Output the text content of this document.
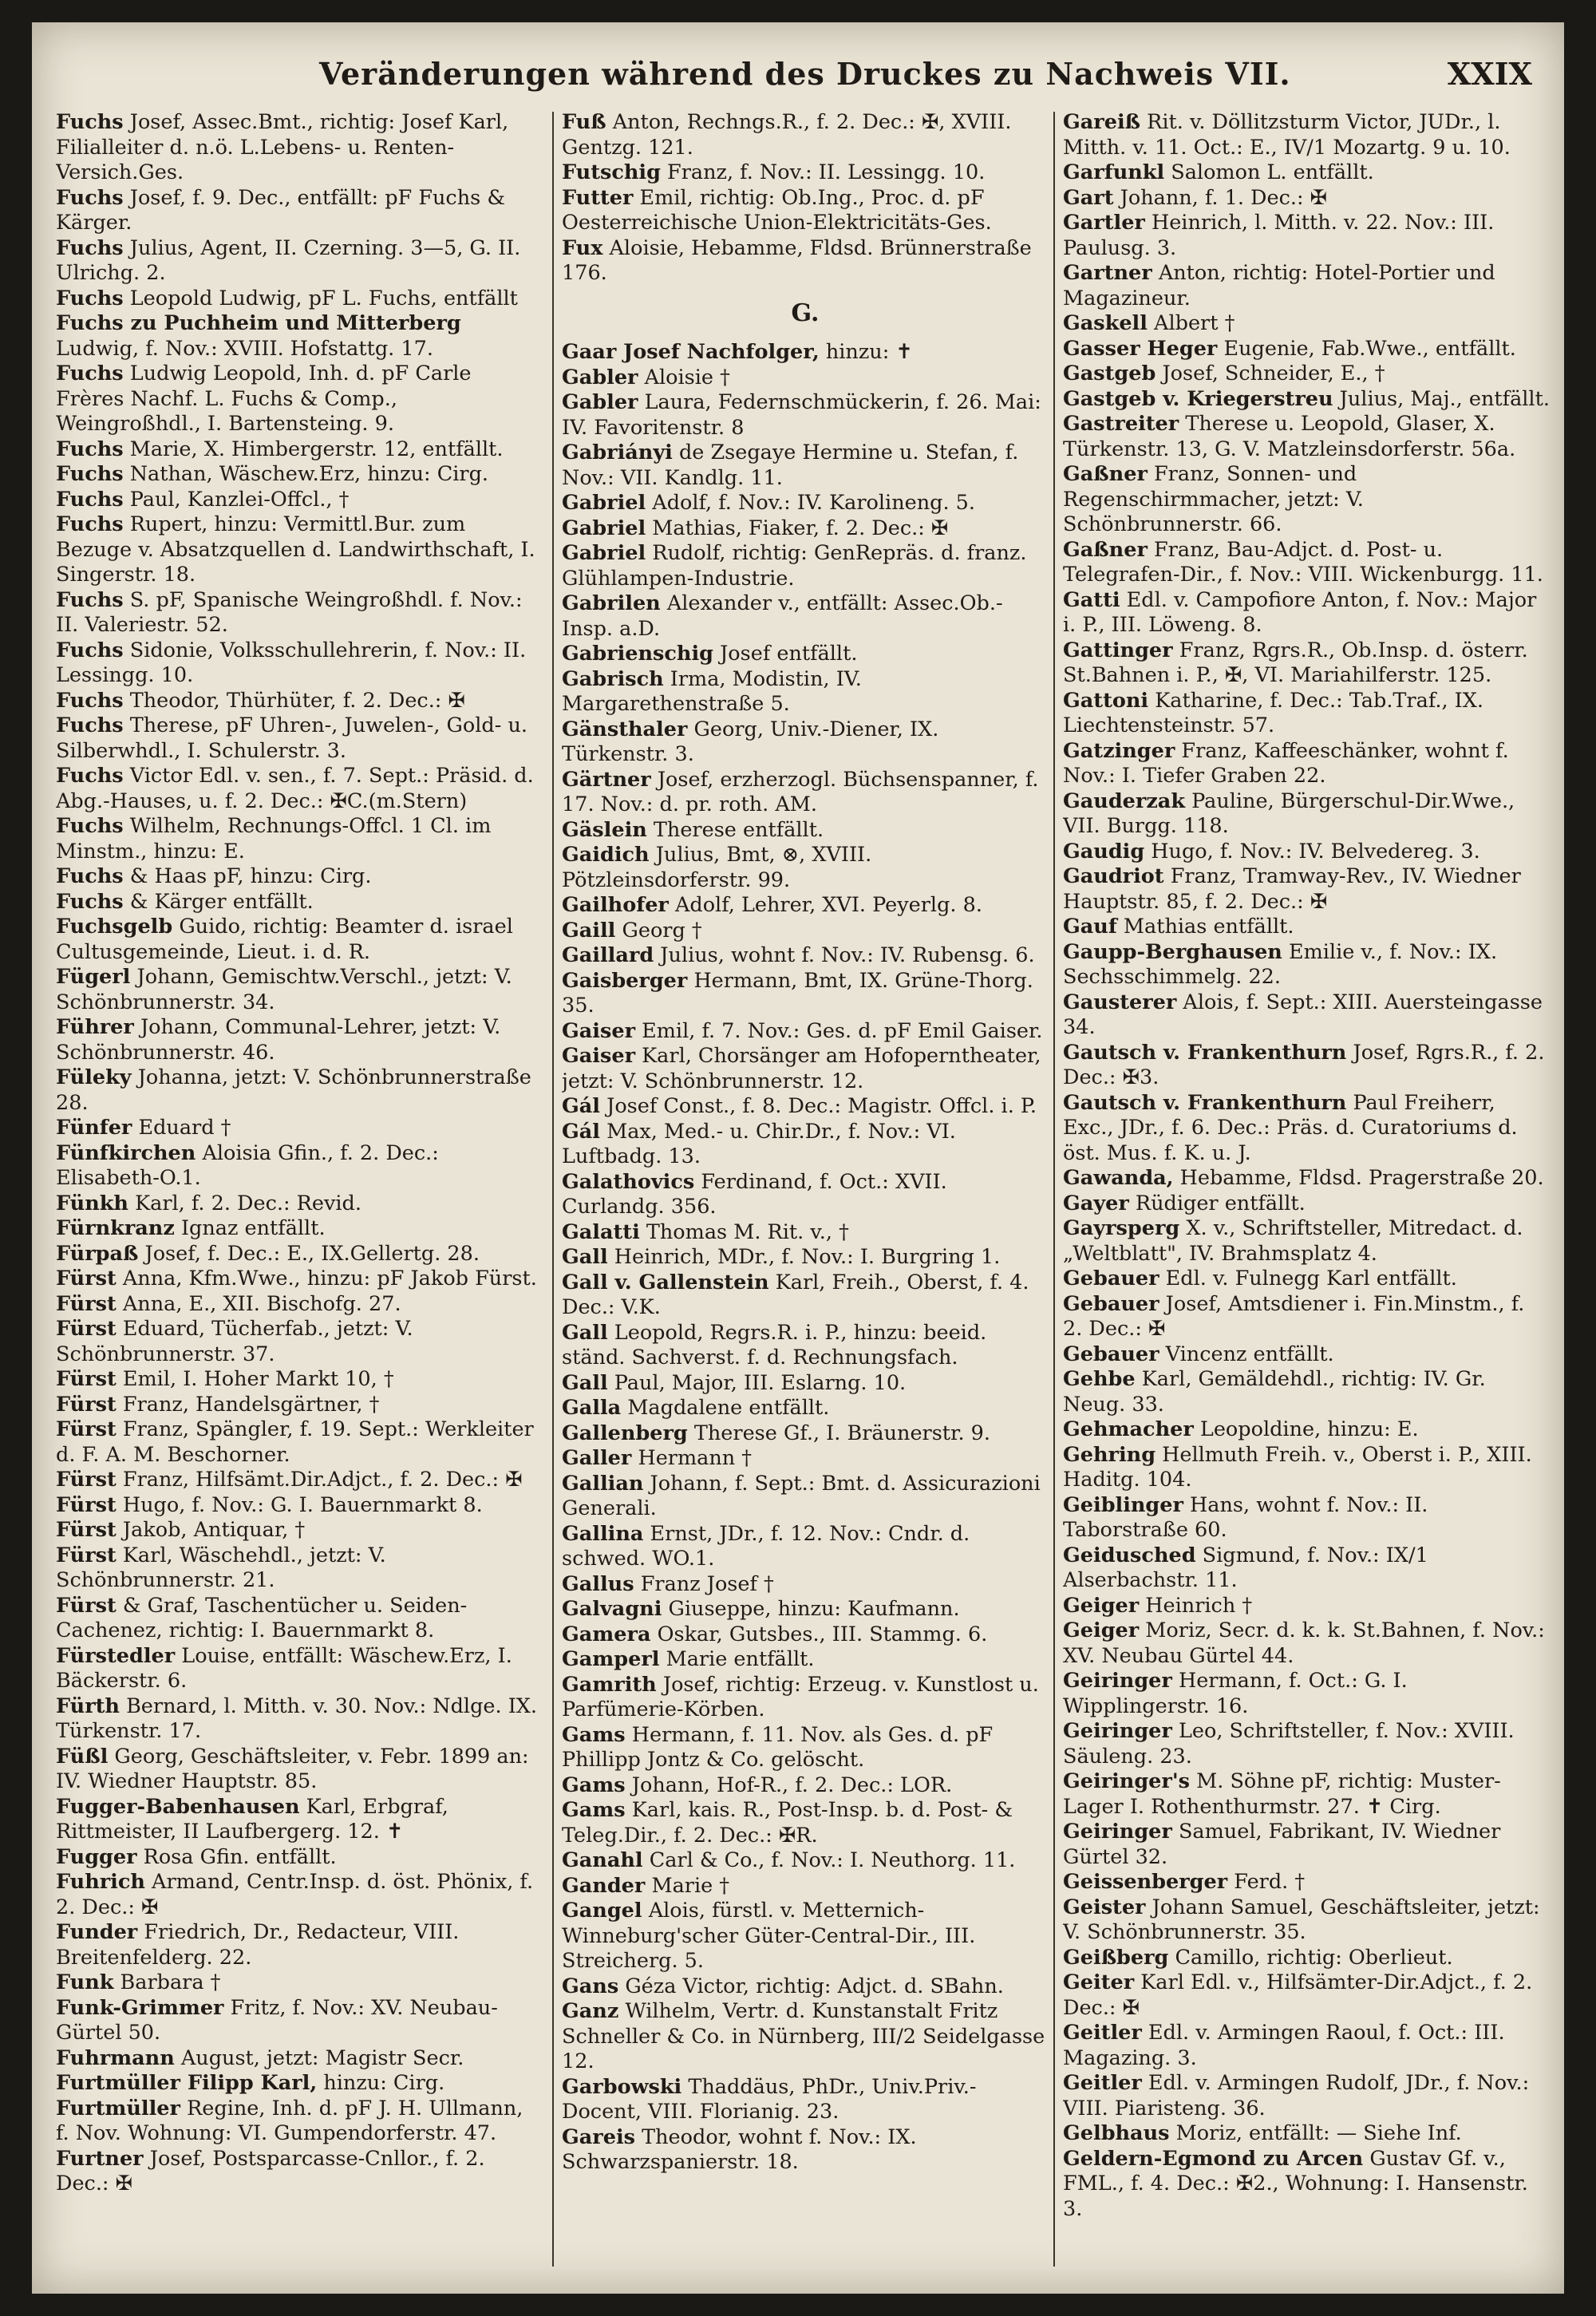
Veränderungen während des Druckes zu Nachweis VII.	XXIX

Fuchs Josef, Assec.Bmt., richtig: Josef Karl, Filialleiter d. n.ö. L.Lebens- u. Renten-Versich.Ges.

Fuchs Josef, f. 9. Dec., entfällt: pF Fuchs & Kärger.

Fuchs Julius, Agent, II. Czerning. 3—5, G. II. Ulrichg. 2.

Fuchs Leopold Ludwig, pF L. Fuchs, entfällt

Fuchs zu Puchheim und Mitterberg Ludwig, f. Nov.: XVIII. Hofstattg. 17.

Fuchs Ludwig Leopold, Inh. d. pF Carle Frères Nachf. L. Fuchs & Comp., Weingroßhdl., I. Bartensteing. 9.

Fuchs Marie, X. Himbergerstr. 12, entfällt.

Fuchs Nathan, Wäschew.Erz, hinzu: Cirg.

Fuchs Paul, Kanzlei-Offcl., †

Fuchs Rupert, hinzu: Vermittl.Bur. zum Bezuge v. Absatzquellen d. Landwirthschaft, I. Singerstr. 18.

Fuchs S. pF, Spanische Weingroßhdl. f. Nov.: II. Valeriestr. 52.

Fuchs Sidonie, Volksschullehrerin, f. Nov.: II. Lessingg. 10.

Fuchs Theodor, Thürhüter, f. 2. Dec.: ✠

Fuchs Therese, pF Uhren-, Juwelen-, Gold- u. Silberwhdl., I. Schulerstr. 3.

Fuchs Victor Edl. v. sen., f. 7. Sept.: Präsid. d. Abg.-Hauses, u. f. 2. Dec.: ✠C.(m.Stern)

Fuchs Wilhelm, Rechnungs-Offcl. 1 Cl. im Minstm., hinzu: E.

Fuchs & Haas pF, hinzu: Cirg.

Fuchs & Kärger entfällt.

Fuchsgelb Guido, richtig: Beamter d. israel Cultusgemeinde, Lieut. i. d. R.

Fügerl Johann, Gemischtw.Verschl., jetzt: V. Schönbrunnerstr. 34.

Führer Johann, Communal-Lehrer, jetzt: V. Schönbrunnerstr. 46.

Füleky Johanna, jetzt: V. Schönbrunnerstraße 28.

Fünfer Eduard †

Fünfkirchen Aloisia Gfin., f. 2. Dec.: Elisabeth-O.1.

Fünkh Karl, f. 2. Dec.: Revid.

Fürnkranz Ignaz entfällt.

Fürpaß Josef, f. Dec.: E., IX.Gellertg. 28.

Fürst Anna, Kfm.Wwe., hinzu: pF Jakob Fürst.

Fürst Anna, E., XII. Bischofg. 27.

Fürst Eduard, Tücherfab., jetzt: V. Schönbrunnerstr. 37.

Fürst Emil, I. Hoher Markt 10, †

Fürst Franz, Handelsgärtner, †

Fürst Franz, Spängler, f. 19. Sept.: Werkleiter d. F. A. M. Beschorner.

Fürst Franz, Hilfsämt.Dir.Adjct., f. 2. Dec.: ✠

Fürst Hugo, f. Nov.: G. I. Bauernmarkt 8.

Fürst Jakob, Antiquar, †

Fürst Karl, Wäschehdl., jetzt: V. Schönbrunnerstr. 21.

Fürst & Graf, Taschentücher u. Seiden-Cachenez, richtig: I. Bauernmarkt 8.

Fürstedler Louise, entfällt: Wäschew.Erz, I. Bäckerstr. 6.

Fürth Bernard, l. Mitth. v. 30. Nov.: Ndlge. IX. Türkenstr. 17.

Füßl Georg, Geschäftsleiter, v. Febr. 1899 an: IV. Wiedner Hauptstr. 85.

Fugger-Babenhausen Karl, Erbgraf, Rittmeister, II Laufbergerg. 12. ✝

Fugger Rosa Gfin. entfällt.

Fuhrich Armand, Centr.Insp. d. öst. Phönix, f. 2. Dec.: ✠

Funder Friedrich, Dr., Redacteur, VIII. Breitenfelderg. 22.

Funk Barbara †

Funk-Grimmer Fritz, f. Nov.: XV. Neubau-Gürtel 50.

Fuhrmann August, jetzt: Magistr Secr.

Furtmüller Filipp Karl, hinzu: Cirg.

Furtmüller Regine, Inh. d. pF J. H. Ullmann, f. Nov. Wohnung: VI. Gumpendorferstr. 47.

Furtner Josef, Postsparcasse-Cnllor., f. 2. Dec.: ✠

Fuß Anton, Rechngs.R., f. 2. Dec.: ✠, XVIII. Gentzg. 121.

Futschig Franz, f. Nov.: II. Lessingg. 10.

Futter Emil, richtig: Ob.Ing., Proc. d. pF Oesterreichische Union-Elektricitäts-Ges.

Fux Aloisie, Hebamme, Fldsd. Brünnerstraße 176.

G.

Gaar Josef Nachfolger, hinzu: ✝

Gabler Aloisie †

Gabler Laura, Federnschmückerin, f. 26. Mai: IV. Favoritenstr. 8

Gabriányi de Zsegaye Hermine u. Stefan, f. Nov.: VII. Kandlg. 11.

Gabriel Adolf, f. Nov.: IV. Karolineng. 5.

Gabriel Mathias, Fiaker, f. 2. Dec.: ✠

Gabriel Rudolf, richtig: GenRepräs. d. franz. Glühlampen-Industrie.

Gabrilen Alexander v., entfällt: Assec.Ob.-Insp. a.D.

Gabrienschig Josef entfällt.

Gabrisch Irma, Modistin, IV. Margarethenstraße 5.

Gänsthaler Georg, Univ.-Diener, IX. Türkenstr. 3.

Gärtner Josef, erzherzogl. Büchsenspanner, f. 17. Nov.: d. pr. roth. AM.

Gäslein Therese entfällt.

Gaidich Julius, Bmt, ⊗, XVIII. Pötzleinsdorferstr. 99.

Gailhofer Adolf, Lehrer, XVI. Peyerlg. 8.

Gaill Georg †

Gaillard Julius, wohnt f. Nov.: IV. Rubensg. 6.

Gaisberger Hermann, Bmt, IX. Grüne-Thorg. 35.

Gaiser Emil, f. 7. Nov.: Ges. d. pF Emil Gaiser.

Gaiser Karl, Chorsänger am Hofoperntheater, jetzt: V. Schönbrunnerstr. 12.

Gál Josef Const., f. 8. Dec.: Magistr. Offcl. i. P.

Gál Max, Med.- u. Chir.Dr., f. Nov.: VI. Luftbadg. 13.

Galathovics Ferdinand, f. Oct.: XVII. Curlandg. 356.

Galatti Thomas M. Rit. v., †

Gall Heinrich, MDr., f. Nov.: I. Burgring 1.

Gall v. Gallenstein Karl, Freih., Oberst, f. 4. Dec.: V.K.

Gall Leopold, Regrs.R. i. P., hinzu: beeid. ständ. Sachverst. f. d. Rechnungsfach.

Gall Paul, Major, III. Eslarng. 10.

Galla Magdalene entfällt.

Gallenberg Therese Gf., I. Bräunerstr. 9.

Galler Hermann †

Gallian Johann, f. Sept.: Bmt. d. Assicurazioni Generali.

Gallina Ernst, JDr., f. 12. Nov.: Cndr. d. schwed. WO.1.

Gallus Franz Josef †

Galvagni Giuseppe, hinzu: Kaufmann.

Gamera Oskar, Gutsbes., III. Stammg. 6.

Gamperl Marie entfällt.

Gamrith Josef, richtig: Erzeug. v. Kunstlost u. Parfümerie-Körben.

Gams Hermann, f. 11. Nov. als Ges. d. pF Phillipp Jontz & Co. gelöscht.

Gams Johann, Hof-R., f. 2. Dec.: LOR.

Gams Karl, kais. R., Post-Insp. b. d. Post- & Teleg.Dir., f. 2. Dec.: ✠R.

Ganahl Carl & Co., f. Nov.: I. Neuthorg. 11.

Gander Marie †

Gangel Alois, fürstl. v. Metternich-Winneburg'scher Güter-Central-Dir., III. Streicherg. 5.

Gans Géza Victor, richtig: Adjct. d. SBahn.

Ganz Wilhelm, Vertr. d. Kunstanstalt Fritz Schneller & Co. in Nürnberg, III/2 Seidelgasse 12.

Garbowski Thaddäus, PhDr., Univ.Priv.-Docent, VIII. Florianig. 23.

Gareis Theodor, wohnt f. Nov.: IX. Schwarzspanierstr. 18.

Gareiß Rit. v. Döllitzsturm Victor, JUDr., l. Mitth. v. 11. Oct.: E., IV/1 Mozartg. 9 u. 10.

Garfunkl Salomon L. entfällt.

Gart Johann, f. 1. Dec.: ✠

Gartler Heinrich, l. Mitth. v. 22. Nov.: III. Paulusg. 3.

Gartner Anton, richtig: Hotel-Portier und Magazineur.

Gaskell Albert †

Gasser Heger Eugenie, Fab.Wwe., entfällt.

Gastgeb Josef, Schneider, E., †

Gastgeb v. Kriegerstreu Julius, Maj., entfällt.

Gastreiter Therese u. Leopold, Glaser, X. Türkenstr. 13, G. V. Matzleinsdorferstr. 56a.

Gaßner Franz, Sonnen- und Regenschirmmacher, jetzt: V. Schönbrunnerstr. 66.

Gaßner Franz, Bau-Adjct. d. Post- u. Telegrafen-Dir., f. Nov.: VIII. Wickenburgg. 11.

Gatti Edl. v. Campofiore Anton, f. Nov.: Major i. P., III. Löweng. 8.

Gattinger Franz, Rgrs.R., Ob.Insp. d. österr. St.Bahnen i. P., ✠, VI. Mariahilferstr. 125.

Gattoni Katharine, f. Dec.: Tab.Traf., IX. Liechtensteinstr. 57.

Gatzinger Franz, Kaffeeschänker, wohnt f. Nov.: I. Tiefer Graben 22.

Gauderzak Pauline, Bürgerschul-Dir.Wwe., VII. Burgg. 118.

Gaudig Hugo, f. Nov.: IV. Belvedereg. 3.

Gaudriot Franz, Tramway-Rev., IV. Wiedner Hauptstr. 85, f. 2. Dec.: ✠

Gauf Mathias entfällt.

Gaupp-Berghausen Emilie v., f. Nov.: IX. Sechsschimmelg. 22.

Gausterer Alois, f. Sept.: XIII. Auersteingasse 34.

Gautsch v. Frankenthurn Josef, Rgrs.R., f. 2. Dec.: ✠3.

Gautsch v. Frankenthurn Paul Freiherr, Exc., JDr., f. 6. Dec.: Präs. d. Curatoriums d. öst. Mus. f. K. u. J.

Gawanda, Hebamme, Fldsd. Pragerstraße 20.

Gayer Rüdiger entfällt.

Gayrsperg X. v., Schriftsteller, Mitredact. d. „Weltblatt", IV. Brahmsplatz 4.

Gebauer Edl. v. Fulnegg Karl entfällt.

Gebauer Josef, Amtsdiener i. Fin.Minstm., f. 2. Dec.: ✠

Gebauer Vincenz entfällt.

Gehbe Karl, Gemäldehdl., richtig: IV. Gr. Neug. 33.

Gehmacher Leopoldine, hinzu: E.

Gehring Hellmuth Freih. v., Oberst i. P., XIII. Haditg. 104.

Geiblinger Hans, wohnt f. Nov.: II. Taborstraße 60.

Geidusched Sigmund, f. Nov.: IX/1 Alserbachstr. 11.

Geiger Heinrich †

Geiger Moriz, Secr. d. k. k. St.Bahnen, f. Nov.: XV. Neubau Gürtel 44.

Geiringer Hermann, f. Oct.: G. I. Wipplingerstr. 16.

Geiringer Leo, Schriftsteller, f. Nov.: XVIII. Säuleng. 23.

Geiringer's M. Söhne pF, richtig: Muster-Lager I. Rothenthurmstr. 27. ✝ Cirg.

Geiringer Samuel, Fabrikant, IV. Wiedner Gürtel 32.

Geissenberger Ferd. †

Geister Johann Samuel, Geschäftsleiter, jetzt: V. Schönbrunnerstr. 35.

Geißberg Camillo, richtig: Oberlieut.

Geiter Karl Edl. v., Hilfsämter-Dir.Adjct., f. 2. Dec.: ✠

Geitler Edl. v. Armingen Raoul, f. Oct.: III. Magazing. 3.

Geitler Edl. v. Armingen Rudolf, JDr., f. Nov.: VIII. Piaristeng. 36.

Gelbhaus Moriz, entfällt: — Siehe Inf.

Geldern-Egmond zu Arcen Gustav Gf. v., FML., f. 4. Dec.: ✠2., Wohnung: I. Hansenstr. 3.
